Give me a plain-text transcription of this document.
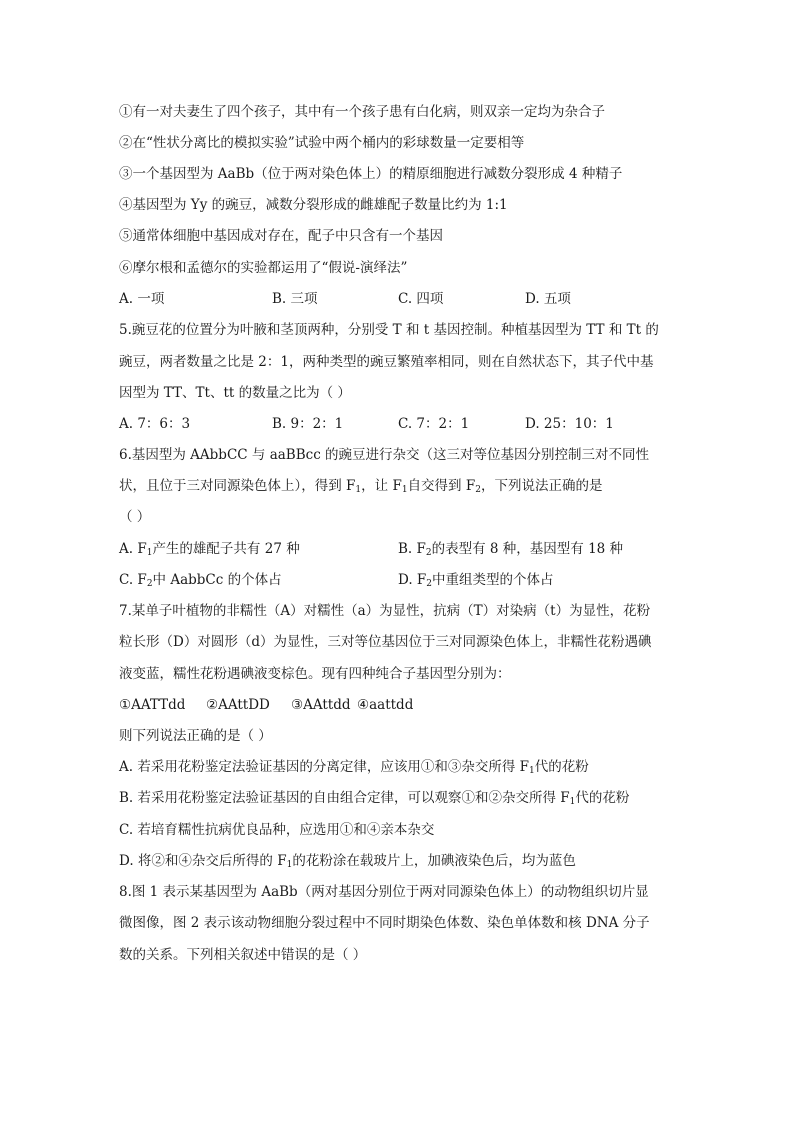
①有一对夫妻生了四个孩子，其中有一个孩子患有白化病，则双亲一定均为杂合子
②在“性状分离比的模拟实验”试验中两个桶内的彩球数量一定要相等
③一个基因型为 AaBb（位于两对染色体上）的精原细胞进行减数分裂形成 4 种精子
④基因型为 Yy 的豌豆，减数分裂形成的雌雄配子数量比约为 1:1
⑤通常体细胞中基因成对存在，配子中只含有一个基因
⑥摩尔根和孟德尔的实验都运用了“假说-演绎法”
A. 一项	B. 三项	C. 四项	D. 五项
5.豌豆花的位置分为叶腋和茎顶两种，分别受 T 和 t 基因控制。种植基因型为 TT 和 Tt 的
豌豆，两者数量之比是 2：1，两种类型的豌豆繁殖率相同，则在自然状态下，其子代中基
因型为 TT、Tt、tt 的数量之比为（ ）
A. 7：6：3	B. 9：2：1	C. 7：2：1	D. 25：10：1
6.基因型为 AAbbCC 与 aaBBcc 的豌豆进行杂交（这三对等位基因分别控制三对不同性
状，且位于三对同源染色体上），得到 $F_1$，让 $F_1$自交得到 $F_2$，下列说法正确的是
（ ）
A. $F_1$产生的雄配子共有 27 种	B. $F_2$的表型有 8 种，基因型有 18 种
C. $F_2$中 AabbCc 的个体占	D. $F_2$中重组类型的个体占
7.某单子叶植物的非糯性（A）对糯性（a）为显性，抗病（T）对染病（t）为显性，花粉
粒长形（D）对圆形（d）为显性，三对等位基因位于三对同源染色体上，非糯性花粉遇碘
液变蓝，糯性花粉遇碘液变棕色。现有四种纯合子基因型分别为：
①AATTdd ②AAttDD ③AAttdd ④aattdd
则下列说法正确的是（ ）
A. 若采用花粉鉴定法验证基因的分离定律，应该用①和③杂交所得 $F_1$代的花粉
B. 若采用花粉鉴定法验证基因的自由组合定律，可以观察①和②杂交所得 $F_1$代的花粉
C. 若培育糯性抗病优良品种，应选用①和④亲本杂交
D. 将②和④杂交后所得的 $F_1$的花粉涂在载玻片上，加碘液染色后，均为蓝色
8.图 1 表示某基因型为 AaBb（两对基因分别位于两对同源染色体上）的动物组织切片显
微图像，图 2 表示该动物细胞分裂过程中不同时期染色体数、染色单体数和核 DNA 分子
数的关系。下列相关叙述中错误的是（ ）
